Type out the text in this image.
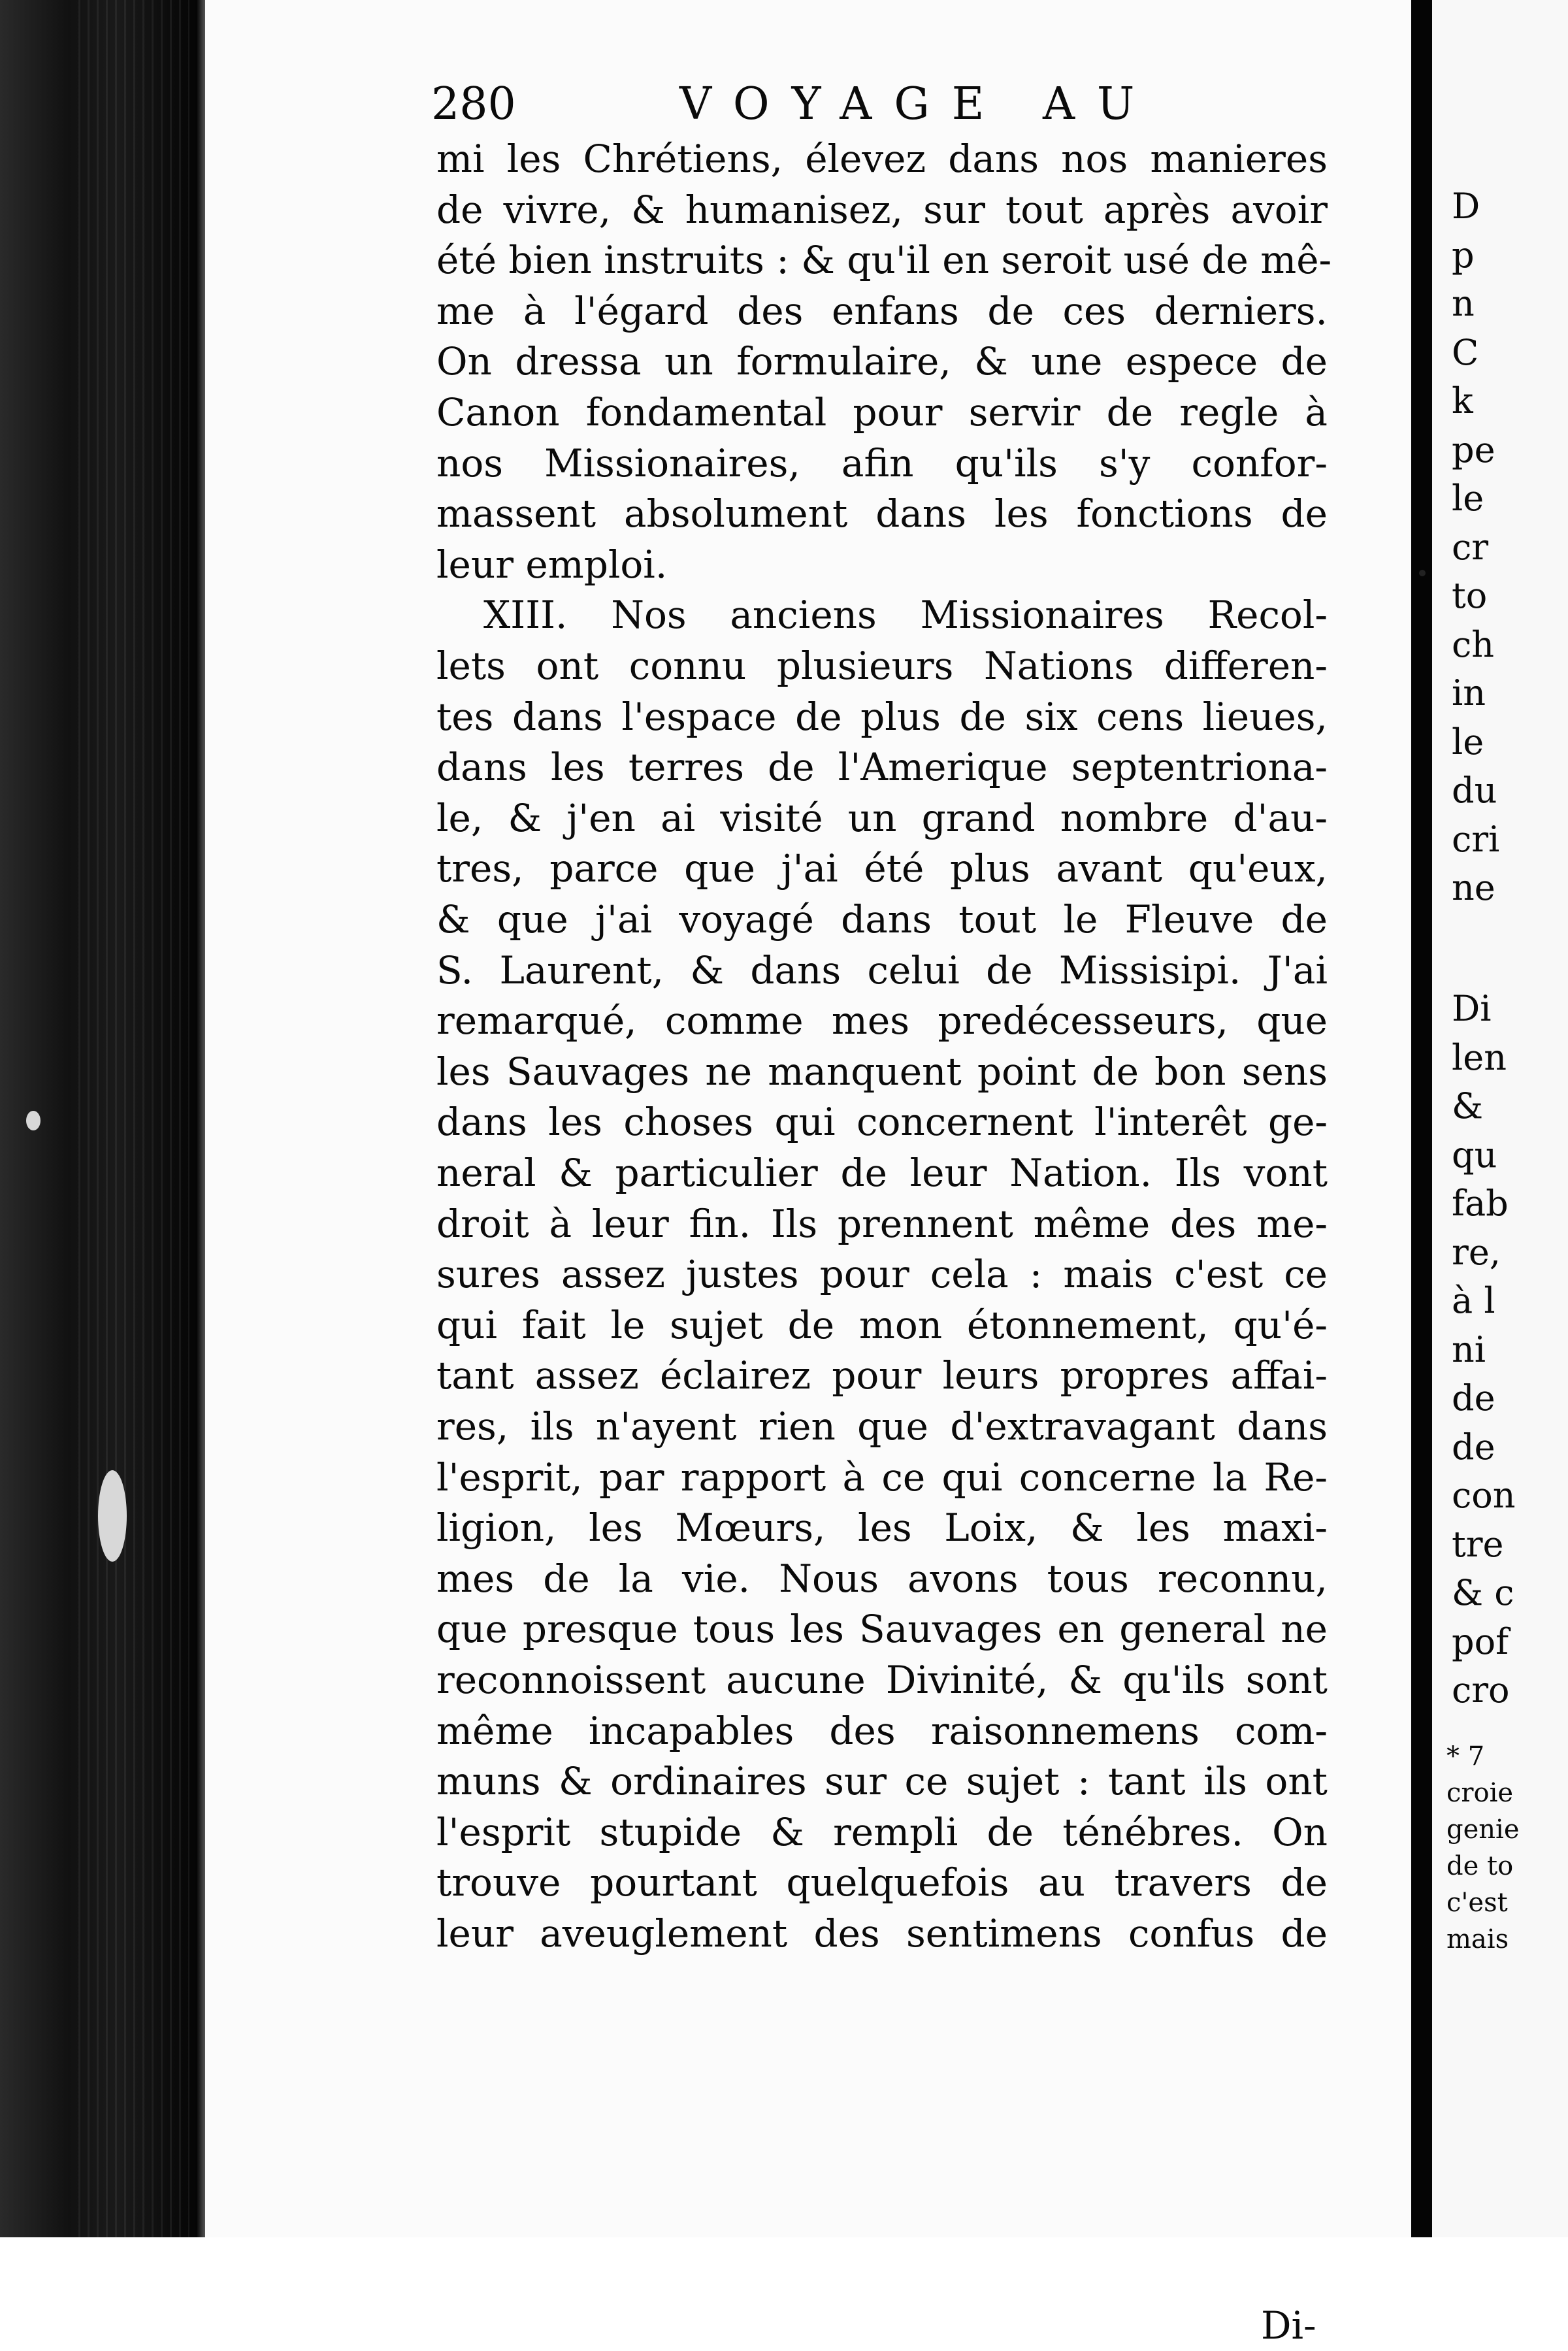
280	VOYAGE AU
mi les Chrétiens, élevez dans nos manieres
de vivre, & humanisez, sur tout après avoir
été bien instruits : & qu'il en seroit usé de mê-
me à l'égard des enfans de ces derniers.
On dressa un formulaire, & une espece de
Canon fondamental pour servir de regle à
nos Missionaires, afin qu'ils s'y confor-
massent absolument dans les fonctions de
leur emploi.
XIII. Nos anciens Missionaires Recol-
lets ont connu plusieurs Nations differen-
tes dans l'espace de plus de six cens lieues,
dans les terres de l'Amerique septentriona-
le, & j'en ai visité un grand nombre d'au-
tres, parce que j'ai été plus avant qu'eux,
& que j'ai voyagé dans tout le Fleuve de
S. Laurent, & dans celui de Missisipi. J'ai
remarqué, comme mes predécesseurs, que
les Sauvages ne manquent point de bon sens
dans les choses qui concernent l'interêt ge-
neral & particulier de leur Nation. Ils vont
droit à leur fin. Ils prennent même des me-
sures assez justes pour cela : mais c'est ce
qui fait le sujet de mon étonnement, qu'é-
tant assez éclairez pour leurs propres affai-
res, ils n'ayent rien que d'extravagant dans
l'esprit, par rapport à ce qui concerne la Re-
ligion, les Mœurs, les Loix, & les maxi-
mes de la vie. Nous avons tous reconnu,
que presque tous les Sauvages en general ne
reconnoissent aucune Divinité, & qu'ils sont
même incapables des raisonnemens com-
muns & ordinaires sur ce sujet : tant ils ont
l'esprit stupide & rempli de ténébres. On
trouve pourtant quelquefois au travers de
leur aveuglement des sentimens confus de
Di-
D
p
n
C
k
pe
le
cr
to
ch
in
le
du
cri
ne
Di
len
&
qu
fab
re,
à l
ni
de
de
con
tre
& c
pof
cro
* 7
croie
genie
de to
c'est
mais
